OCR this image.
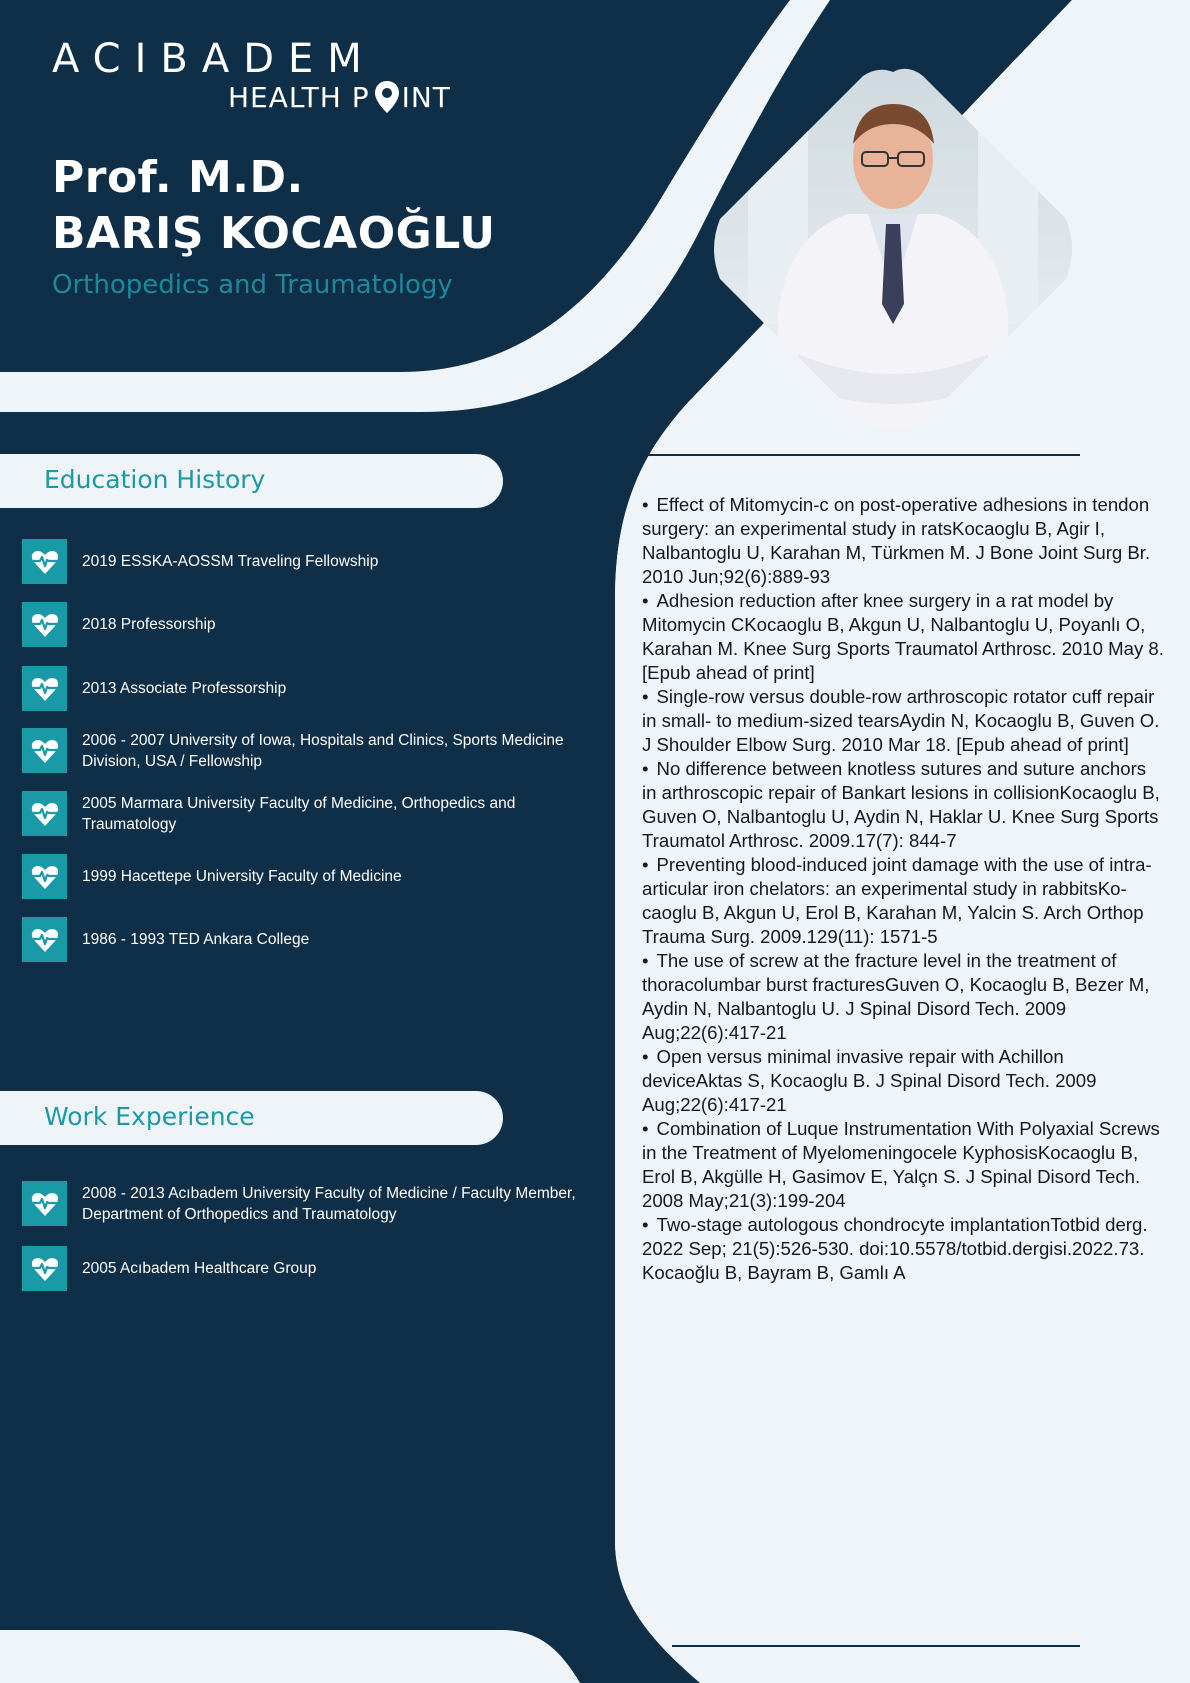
ACIBADEM
HEALTH P INT
Prof. M.D.
BARIŞ KOCAOĞLU
Orthopedics and Traumatology
Education History
2019 ESSKA-AOSSM Traveling Fellowship
2018 Professorship
2013 Associate Professorship
2006 - 2007 University of Iowa, Hospitals and Clinics, Sports Medicine Division, USA / Fellowship
2005 Marmara University Faculty of Medicine, Orthopedics and Traumatology
1999 Hacettepe University Faculty of Medicine
1986 - 1993 TED Ankara College
Work Experience
2008 - 2013 Acıbadem University Faculty of Medicine / Faculty Member, Department of Orthopedics and Traumatology
2005 Acıbadem Healthcare Group
• Effect of Mitomycin-c on post-operative adhesions in tendon surgery: an experimental study in ratsKocaoglu B, Agir I, Nalbantoglu U, Karahan M, Türkmen M. J Bone Joint Surg Br. 2010 Jun;92(6):889-93
• Adhesion reduction after knee surgery in a rat model by Mitomycin CKocaoglu B, Akgun U, Nalbantoglu U, Poyanlı O, Karahan M. Knee Surg Sports Traumatol Arthrosc. 2010 May 8. [Epub ahead of print]
• Single-row versus double-row arthroscopic rotator cuff repair in small- to medium-sized tearsAydin N, Kocaoglu B, Guven O. J Shoulder Elbow Surg. 2010 Mar 18. [Epub ahead of print]
• No difference between knotless sutures and suture anchors in arthroscopic repair of Bankart lesions in collisionKocaoglu B, Guven O, Nalbantoglu U, Aydin N, Haklar U. Knee Surg Sports Traumatol Arthrosc. 2009.17(7): 844-7
• Preventing blood-induced joint damage with the use of intra-articular iron chelators: an experimental study in rabbitsKo-caoglu B, Akgun U, Erol B, Karahan M, Yalcin S. Arch Orthop Trauma Surg. 2009.129(11): 1571-5
• The use of screw at the fracture level in the treatment of thoracolumbar burst fracturesGuven O, Kocaoglu B, Bezer M, Aydin N, Nalbantoglu U. J Spinal Disord Tech. 2009 Aug;22(6):417-21
• Open versus minimal invasive repair with Achillon deviceAktas S, Kocaoglu B. J Spinal Disord Tech. 2009 Aug;22(6):417-21
• Combination of Luque Instrumentation With Polyaxial Screws in the Treatment of Myelomeningocele KyphosisKocaoglu B, Erol B, Akgülle H, Gasimov E, Yalçn S. J Spinal Disord Tech. 2008 May;21(3):199-204
• Two-stage autologous chondrocyte implantationTotbid derg. 2022 Sep; 21(5):526-530. doi:10.5578/totbid.dergisi.2022.73. Kocaoğlu B, Bayram B, Gamlı A
